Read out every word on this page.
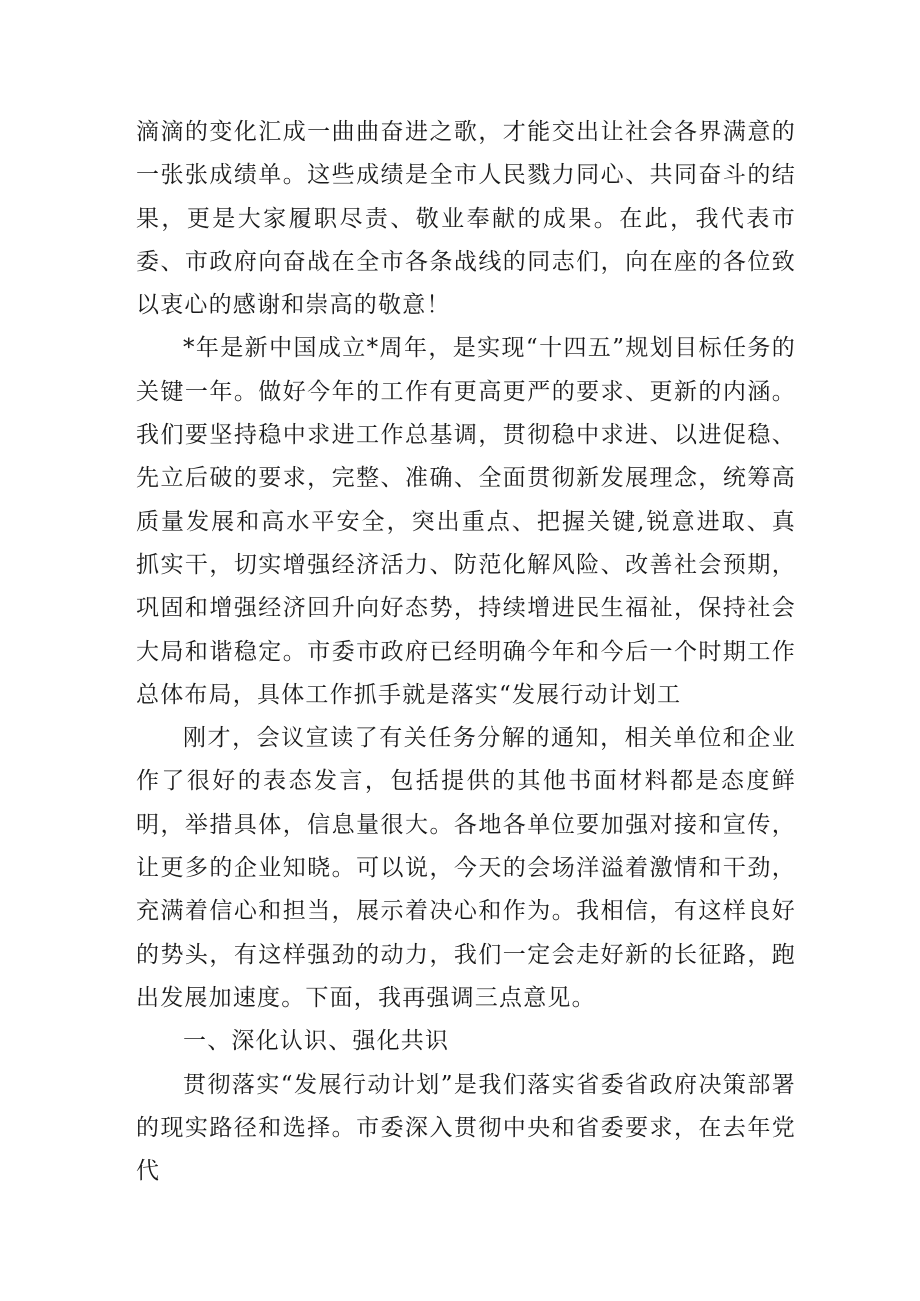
滴滴的变化汇成一曲曲奋进之歌，才能交出让社会各界满意的一张张成绩单。这些成绩是全市人民戮力同心、共同奋斗的结果，更是大家履职尽责、敬业奉献的成果。在此，我代表市委、市政府向奋战在全市各条战线的同志们，向在座的各位致以衷心的感谢和崇高的敬意！

*年是新中国成立*周年，是实现“十四五”规划目标任务的关键一年。做好今年的工作有更高更严的要求、更新的内涵。我们要坚持稳中求进工作总基调，贯彻稳中求进、以进促稳、先立后破的要求，完整、准确、全面贯彻新发展理念，统筹高质量发展和高水平安全，突出重点、把握关键,锐意进取、真抓实干，切实增强经济活力、防范化解风险、改善社会预期，巩固和增强经济回升向好态势，持续增进民生福祉，保持社会大局和谐稳定。市委市政府已经明确今年和今后一个时期工作总体布局，具体工作抓手就是落实“发展行动计划工

刚才，会议宣读了有关任务分解的通知，相关单位和企业作了很好的表态发言，包括提供的其他书面材料都是态度鲜明，举措具体，信息量很大。各地各单位要加强对接和宣传，让更多的企业知晓。可以说，今天的会场洋溢着激情和干劲，充满着信心和担当，展示着决心和作为。我相信，有这样良好的势头，有这样强劲的动力，我们一定会走好新的长征路，跑出发展加速度。下面，我再强调三点意见。

一、深化认识、强化共识

贯彻落实“发展行动计划”是我们落实省委省政府决策部署的现实路径和选择。市委深入贯彻中央和省委要求，在去年党代
